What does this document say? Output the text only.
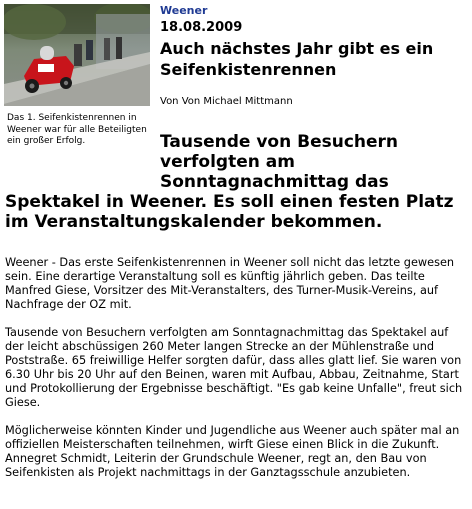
Das 1. Seifenkistenrennen in Weener war für alle Beteiligten ein großer Erfolg.
Weener
18.08.2009
Auch nächstes Jahr gibt es ein Seifenkistenrennen
Von Von Michael Mittmann
Tausende von Besuchern verfolgten am Sonntagnachmittag das
Spektakel in Weener. Es soll einen festen Platz im Veranstaltungskalender bekommen.

Weener - Das erste Seifenkistenrennen in Weener soll nicht das letzte gewesen sein. Eine derartige Veranstaltung soll es künftig jährlich geben. Das teilte Manfred Giese, Vorsitzer des Mit-Veranstalters, des Turner-Musik-Vereins, auf Nachfrage der OZ mit.

Tausende von Besuchern verfolgten am Sonntagnachmittag das Spektakel auf der leicht abschüssigen 260 Meter langen Strecke an der Mühlenstraße und Poststraße. 65 freiwillige Helfer sorgten dafür, dass alles glatt lief. Sie waren von 6.30 Uhr bis 20 Uhr auf den Beinen, waren mit Aufbau, Abbau, Zeitnahme, Start und Protokollierung der Ergebnisse beschäftigt. "Es gab keine Unfalle", freut sich Giese.

Möglicherweise könnten Kinder und Jugendliche aus Weener auch später mal an offiziellen Meisterschaften teilnehmen, wirft Giese einen Blick in die Zukunft. Annegret Schmidt, Leiterin der Grundschule Weener, regt an, den Bau von Seifenkisten als Projekt nachmittags in der Ganztagsschule anzubieten.
